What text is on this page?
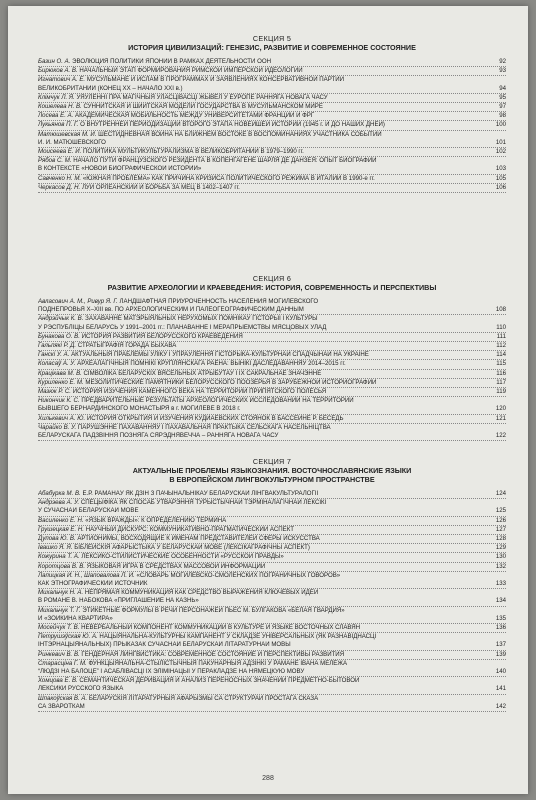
СЕКЦИЯ 5
ИСТОРИЯ ЦИВИЛИЗАЦИЙ: ГЕНЕЗИС, РАЗВИТИЕ И СОВРЕМЕННОЕ СОСТОЯНИЕ
Базин О. А. ЭВОЛЮЦИЯ ПОЛИТИКИ ЯПОНИИ В РАМКАХ ДЕЯТЕЛЬНОСТИ ООН	92
Бирюков А. В. НАЧАЛЬНЫЙ ЭТАП ФОРМИРОВАНИЯ РИМСКОЙ ИМПЕРСКОЙ ИДЕОЛОГИИ	93
Игнатович А. Е. МУСУЛЬМАНЕ И ИСЛАМ В ПРОГРАММАХ И ЗАЯВЛЕНИЯХ КОНСЕРВАТИВНОЙ ПАРТИИ
ВЕЛИКОБРИТАНИИ (КОНЕЦ XX – НАЧАЛО XXI в.)	94
Клімчук Л. Я. УЯЎЛЕННІ ПРА МАГІЧНЫЯ ЎЛАСЦІВАСЦІ ЖЫВЁЛ У ЕЎРОПЕ РАННЯГА НОВАГА ЧАСУ	95
Кошелева Н. В. СУННИТСКАЯ И ШИИТСКАЯ МОДЕЛИ ГОСУДАРСТВА В МУСУЛЬМАНСКОМ МИРЕ	97
Лосева Е. А. АКАДЕМИЧЕСКАЯ МОБИЛЬНОСТЬ МЕЖДУ УНИВЕРСИТЕТАМИ ФРАНЦИИ И ФРГ	98
Лукьянов П. Г. О ВНУТРЕННЕЙ ПЕРИОДИЗАЦИИ ВТОРОГО ЭТАПА НОВЕЙШЕЙ ИСТОРИИ (1945 г. И ДО НАШИХ ДНЕЙ)	100
Матюшевская М. И. ШЕСТИДНЕВНАЯ ВОЙНА НА БЛИЖНЕМ ВОСТОКЕ В ВОСПОМИНАНИЯХ УЧАСТНИКА СОБЫТИЙ
И. И. МАТЮШЕВСКОГО	101
Моисеева Е. И. ПОЛИТИКА МУЛЬТИКУЛЬТУРАЛИЗМА В ВЕЛИКОБРИТАНИИ В 1979–1990 гг.	102
Рябов С. М. НАЧАЛО ПУТИ ФРАНЦУЗСКОГО РЕЗИДЕНТА В КОПЕНГАГЕНЕ ШАРЛЯ ДЕ ДАНЗЕЯ: ОПЫТ БИОГРАФИИ
В КОНТЕКСТЕ «НОВОЙ БИОГРАФИЧЕСКОЙ ИСТОРИИ»	103
Савченко Н. М. «ЮЖНАЯ ПРОБЛЕМА» КАК ПРИЧИНА КРИЗИСА ПОЛИТИЧЕСКОГО РЕЖИМА В ИТАЛИИ В 1990-е гг.	105
Черкасов Д. Н. ЛУИ ОРЛЕАНСКИЙ И БОРЬБА ЗА МЕЦ В 1402–1407 гг.	106
СЕКЦИЯ 6
РАЗВИТИЕ АРХЕОЛОГИИ И КРАЕВЕДЕНИЯ: ИСТОРИЯ, СОВРЕМЕННОСТЬ И ПЕРСПЕКТИВЫ
Авласович А. М., Ривур Я. Г. ЛАНДШАФТНАЯ ПРИУРОЧЕННОСТЬ НАСЕЛЕНИЯ МОГИЛЕВСКОГО
ПОДНЕПРОВЬЯ X–XIII вв. ПО АРХЕОЛОГИЧЕСКИМ И ПАЛЕОГЕОГРАФИЧЕСКИМ ДАННЫМ	108
Андрэйчык К. В. ЗАХАВАННЕ МАТЭРЫЯЛЬНЫХ НЕРУХОМЫХ ПОМНІКАЎ ГІСТОРЫІ І КУЛЬТУРЫ
У РЭСПУБЛІЦЫ БЕЛАРУСЬ У 1991–2001 гг.: ПЛАНАВАННЕ І МЕРАПРЫЕМСТВЫ МЯСЦОВЫХ УЛАД	110
Бунакова О. В. ИСТОРИЯ РАЗВИТИЯ БЕЛОРУССКОГО КРАЕВЕДЕНИЯ	111
Гальпякі Р. Д. СТРАТЫГРАФІЯ ГОРАДА БЫХАВА	112
Ганскі У. А. АКТУАЛЬНЫЯ ПРАБЛЕМЫ УЛІКУ І УПРАЎЛЕННЯ ГІСТОРЫКА-КУЛЬТУРНАЙ СПАДЧЫНАЙ НА УКРАІНЕ	114
Коласаў А. У. АРХЕАЛАГІЧНЫЯ ПОМНІКІ КРУПЛЯНСКАГА РАЁНА: ВЫНІКІ ДАСЛЕДАВАННЯЎ 2014–2015 гг.	115
Крацікава М. В. СІМВОЛІКА БЕЛАРУСКІХ ВЯСЕЛЬНЫХ АТРЫБУТАЎ І ІХ САКРАЛЬНАЕ ЗНАЧЭННЕ	116
Куриленко Е. М. МЕЗОЛИТИЧЕСКИЕ ПАМЯТНИКИ БЕЛОРУССКОГО ПООЗЕРЬЯ В ЗАРУБЕЖНОЙ ИСТОРИОГРАФИИ	117
Мазюк Р. С. ИСТОРИЯ ИЗУЧЕНИЯ КАМЕННОГО ВЕКА НА ТЕРРИТОРИИ ПРИПЯТСКОГО ПОЛЕСЬЯ	119
Никончик К. С. ПРЕДВАРИТЕЛЬНЫЕ РЕЗУЛЬТАТЫ АРХЕОЛОГИЧЕСКИХ ИССЛЕДОВАНИЙ НА ТЕРРИТОРИИ
БЫВШЕГО БЕРНАРДИНСКОГО МОНАСТЫРЯ в г. МОГИЛЕВЕ В 2018 г.	120
Хилькевич А. Ю. ИСТОРИЯ ОТКРЫТИЯ И ИЗУЧЕНИЯ КУДИАЕВСКИХ СТОЯНОК В БАССЕЙНЕ Р. БЕСЕДЬ	121
Чарайко В. У. ПАРУШЭННЕ ПАХАВАННЯЎ І ПАХАВАЛЬНАЯ ПРАКТЫКА СЕЛЬСКАГА НАСЕЛЬНІЦТВА
БЕЛАРУСКАГА ПАДЗВІННЯ ПОЗНЯГА СЯРЭДНЯВЕЧЧА – РАННЯГА НОВАГА ЧАСУ	122
СЕКЦИЯ 7
АКТУАЛЬНЫЕ ПРОБЛЕМЫ ЯЗЫКОЗНАНИЯ. ВОСТОЧНОСЛАВЯНСКИЕ ЯЗЫКИ
В ЕВРОПЕЙСКОМ ЛИНГВОКУЛЬТУРНОМ ПРОСТРАНСТВЕ
Абабурка М. В. Е.Р. РАМАНАЎ ЯК ДЗІН З ПАЧЫНАЛЬНІКАЎ БЕЛАРУСКАЙ ЛІНГВАКУЛЬТУРАЛОГІІ	124
Андрэева А. У. СПЕЦЫФІКА ЯК СПОСАБ УТВАРЭННЯ ТУРЫСТЫЧНАЙ ТЭРМІНАЛАГІЧНАЙ ЛЕКСІКІ
Ў СУЧАСНАЙ БЕЛАРУСКАЙ МОВЕ	125
Василенко Е. Н. «ЯЗЫК ВРАЖДЫ»: К ОПРЕДЕЛЕНИЮ ТЕРМИНА	126
Грушецкая Е. Н. НАУЧНЫЙ ДИСКУРС: КОММУНИКАТИВНО-ПРАГМАТИЧЕСКИЙ АСПЕКТ	127
Дупова Ю. В. АРТИОНИМЫ, ВОСХОДЯЩИЕ К ИМЕНАМ ПРЕДСТАВИТЕЛЕЙ СФЕРЫ ИСКУССТВА	128
Івашко Я. Я. БІБЛЕЙСКІЯ АФАРЫСТЫКА Ў БЕЛАРУСКАЙ МОВЕ (ЛЕКСІКАГРАФІЧНЫ АСПЕКТ)	129
Кожурина Т. А. ЛЕКСИКО-СТИЛИСТИЧЕСКИЕ ОСОБЕННОСТИ «РУССКОЙ ПРАВДЫ»	130
Коротцова В. В. ЯЗЫКОВАЯ ИГРА В СРЕДСТВАХ МАССОВОЙ ИНФОРМАЦИИ	132
Лапицкая И. Н., Шаповалова Л. И. «СЛОВАРЬ МОГИЛЕВСКО-СМОЛЕНСКИХ ПОГРАНИЧНЫХ ГОВОРОВ»
КАК ЭТНОГРАФИЧЕСКИЙ ИСТОЧНИК	133
Михальчук Н. А. НЕПРЯМАЯ КОММУНИКАЦИЯ КАК СРЕДСТВО ВЫРАЖЕНИЯ КЛЮЧЕВЫХ ИДЕЙ
В РОМАНЕ В. НАБОКОВА «ПРИГЛАШЕНИЕ НА КАЗНЬ»	134
Михальчук Т. Г. ЭТИКЕТНЫЕ ФОРМУЛЫ В РЕЧИ ПЕРСОНАЖЕЙ ПЬЕС М. БУЛГАКОВА «БЕЛАЯ ГВАРДИЯ»
И «ЗОЙКИНА КВАРТИРА»	135
Мосейчук Т. В. НЕВЕРБАЛЬНЫЙ КОМПОНЕНТ КОММУНИКАЦИИ В КУЛЬТУРЕ И ЯЗЫКЕ ВОСТОЧНЫХ СЛАВЯН	136
Петрушэўская Ю. А. НАЦЫЯНАЛЬНА-КУЛЬТУРНЫ КАМПАНЕНТ У СКЛАДЗЕ УНІВЕРСАЛЬНЫХ (ЯК РАЗНАВІДНАСЦІ
ІНТЭРНАЦЫЯНАЛЬНЫХ) ПРЫКАЗАК СУЧАСНАЙ БЕЛАРУСКАЙ ЛІТАРАТУРНАЙ МОВЫ	137
Ринкевич В. В. ГЕНДЕРНАЯ ЛИНГВИСТИКА: СОВРЕМЕННОЕ СОСТОЯНИЕ И ПЕРСПЕКТИВЫ РАЗВИТИЯ	139
Старасціна Г. М. ФУНКЦЫЯНАЛЬНА-СТЫЛІСТЫЧНЫЯ ПАКУНАРНЫЯ АДЗІНКІ Ў РАМАНЕ ІВАНА МЕЛЕЖА
“ЛЮДЗІ НА БАЛОЦЕ” І АСАБЛІВАСЦІ ІХ ЭЛІМІНАЦЫІ Ў ПЕРАКЛАДЗЕ НА НЯМЕЦКУЮ МОВУ	140
Хомцова Е. В. СЕМАНТИЧЕСКАЯ ДЕРИВАЦИЯ И АНАЛИЗ ПЕРЕНОСНЫХ ЗНАЧЕНИЙ ПРЕДМЕТНО-БЫТОВОЙ
ЛЕКСИКИ РУССКОГО ЯЗЫКА	141
Шпакоўская В. А. БЕЛАРУСКІЯ ЛІТАРАТУРНЫЯ АФАРЫЗМЫ СА СТРУКТУРАЙ ПРОСТАГА СКАЗА
СА ЗВАРОТКАМ	142
288
